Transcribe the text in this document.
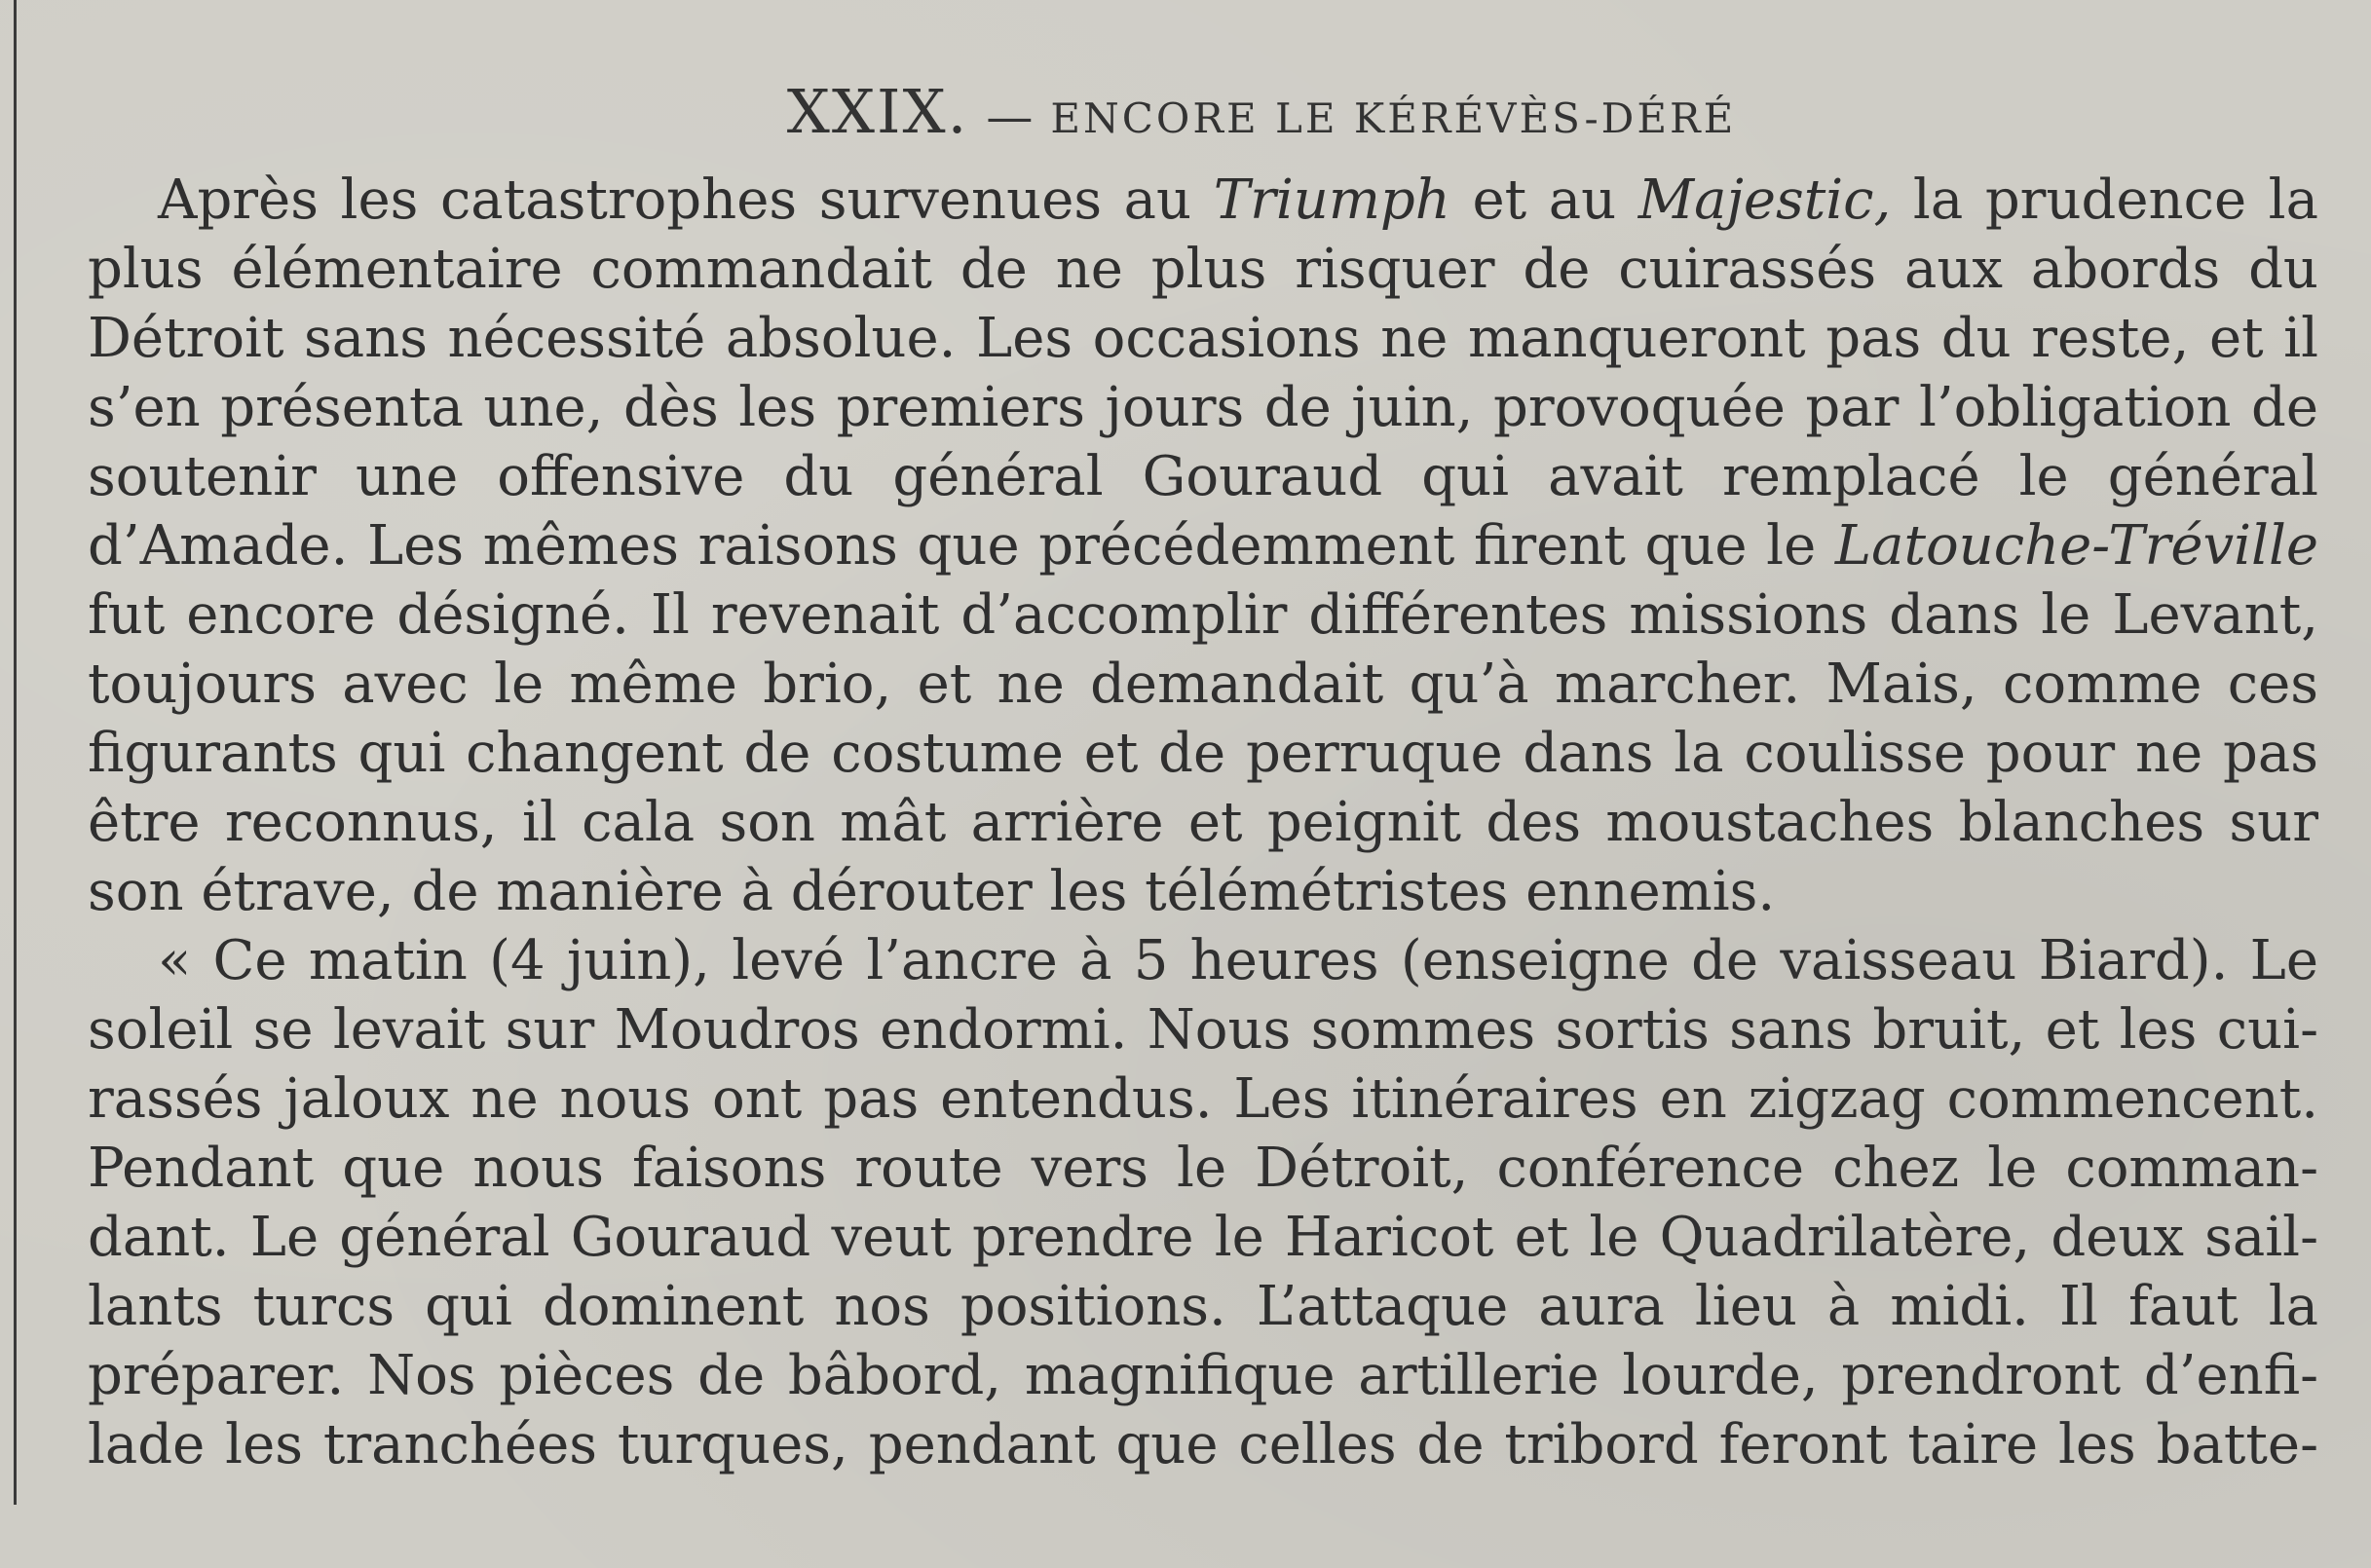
XXIX. — ENCORE LE KÉRÉVÈS-DÉRÉ
Après les catastrophes survenues au Triumph et au Majestic, la prudence la
plus élémentaire commandait de ne plus risquer de cuirassés aux abords du
Détroit sans nécessité absolue. Les occasions ne manqueront pas du reste, et il
s’en présenta une, dès les premiers jours de juin, provoquée par l’obligation de
soutenir une offensive du général Gouraud qui avait remplacé le général
d’Amade. Les mêmes raisons que précédemment firent que le Latouche-Tréville
fut encore désigné. Il revenait d’accomplir différentes missions dans le Levant,
toujours avec le même brio, et ne demandait qu’à marcher. Mais, comme ces
figurants qui changent de costume et de perruque dans la coulisse pour ne pas
être reconnus, il cala son mât arrière et peignit des moustaches blanches sur
son étrave, de manière à dérouter les télémétristes ennemis.
« Ce matin (4 juin), levé l’ancre à 5 heures (enseigne de vaisseau Biard). Le
soleil se levait sur Moudros endormi. Nous sommes sortis sans bruit, et les cui-
rassés jaloux ne nous ont pas entendus. Les itinéraires en zigzag commencent.
Pendant que nous faisons route vers le Détroit, conférence chez le comman-
dant. Le général Gouraud veut prendre le Haricot et le Quadrilatère, deux sail-
lants turcs qui dominent nos positions. L’attaque aura lieu à midi. Il faut la
préparer. Nos pièces de bâbord, magnifique artillerie lourde, prendront d’enfi-
lade les tranchées turques, pendant que celles de tribord feront taire les batte-
